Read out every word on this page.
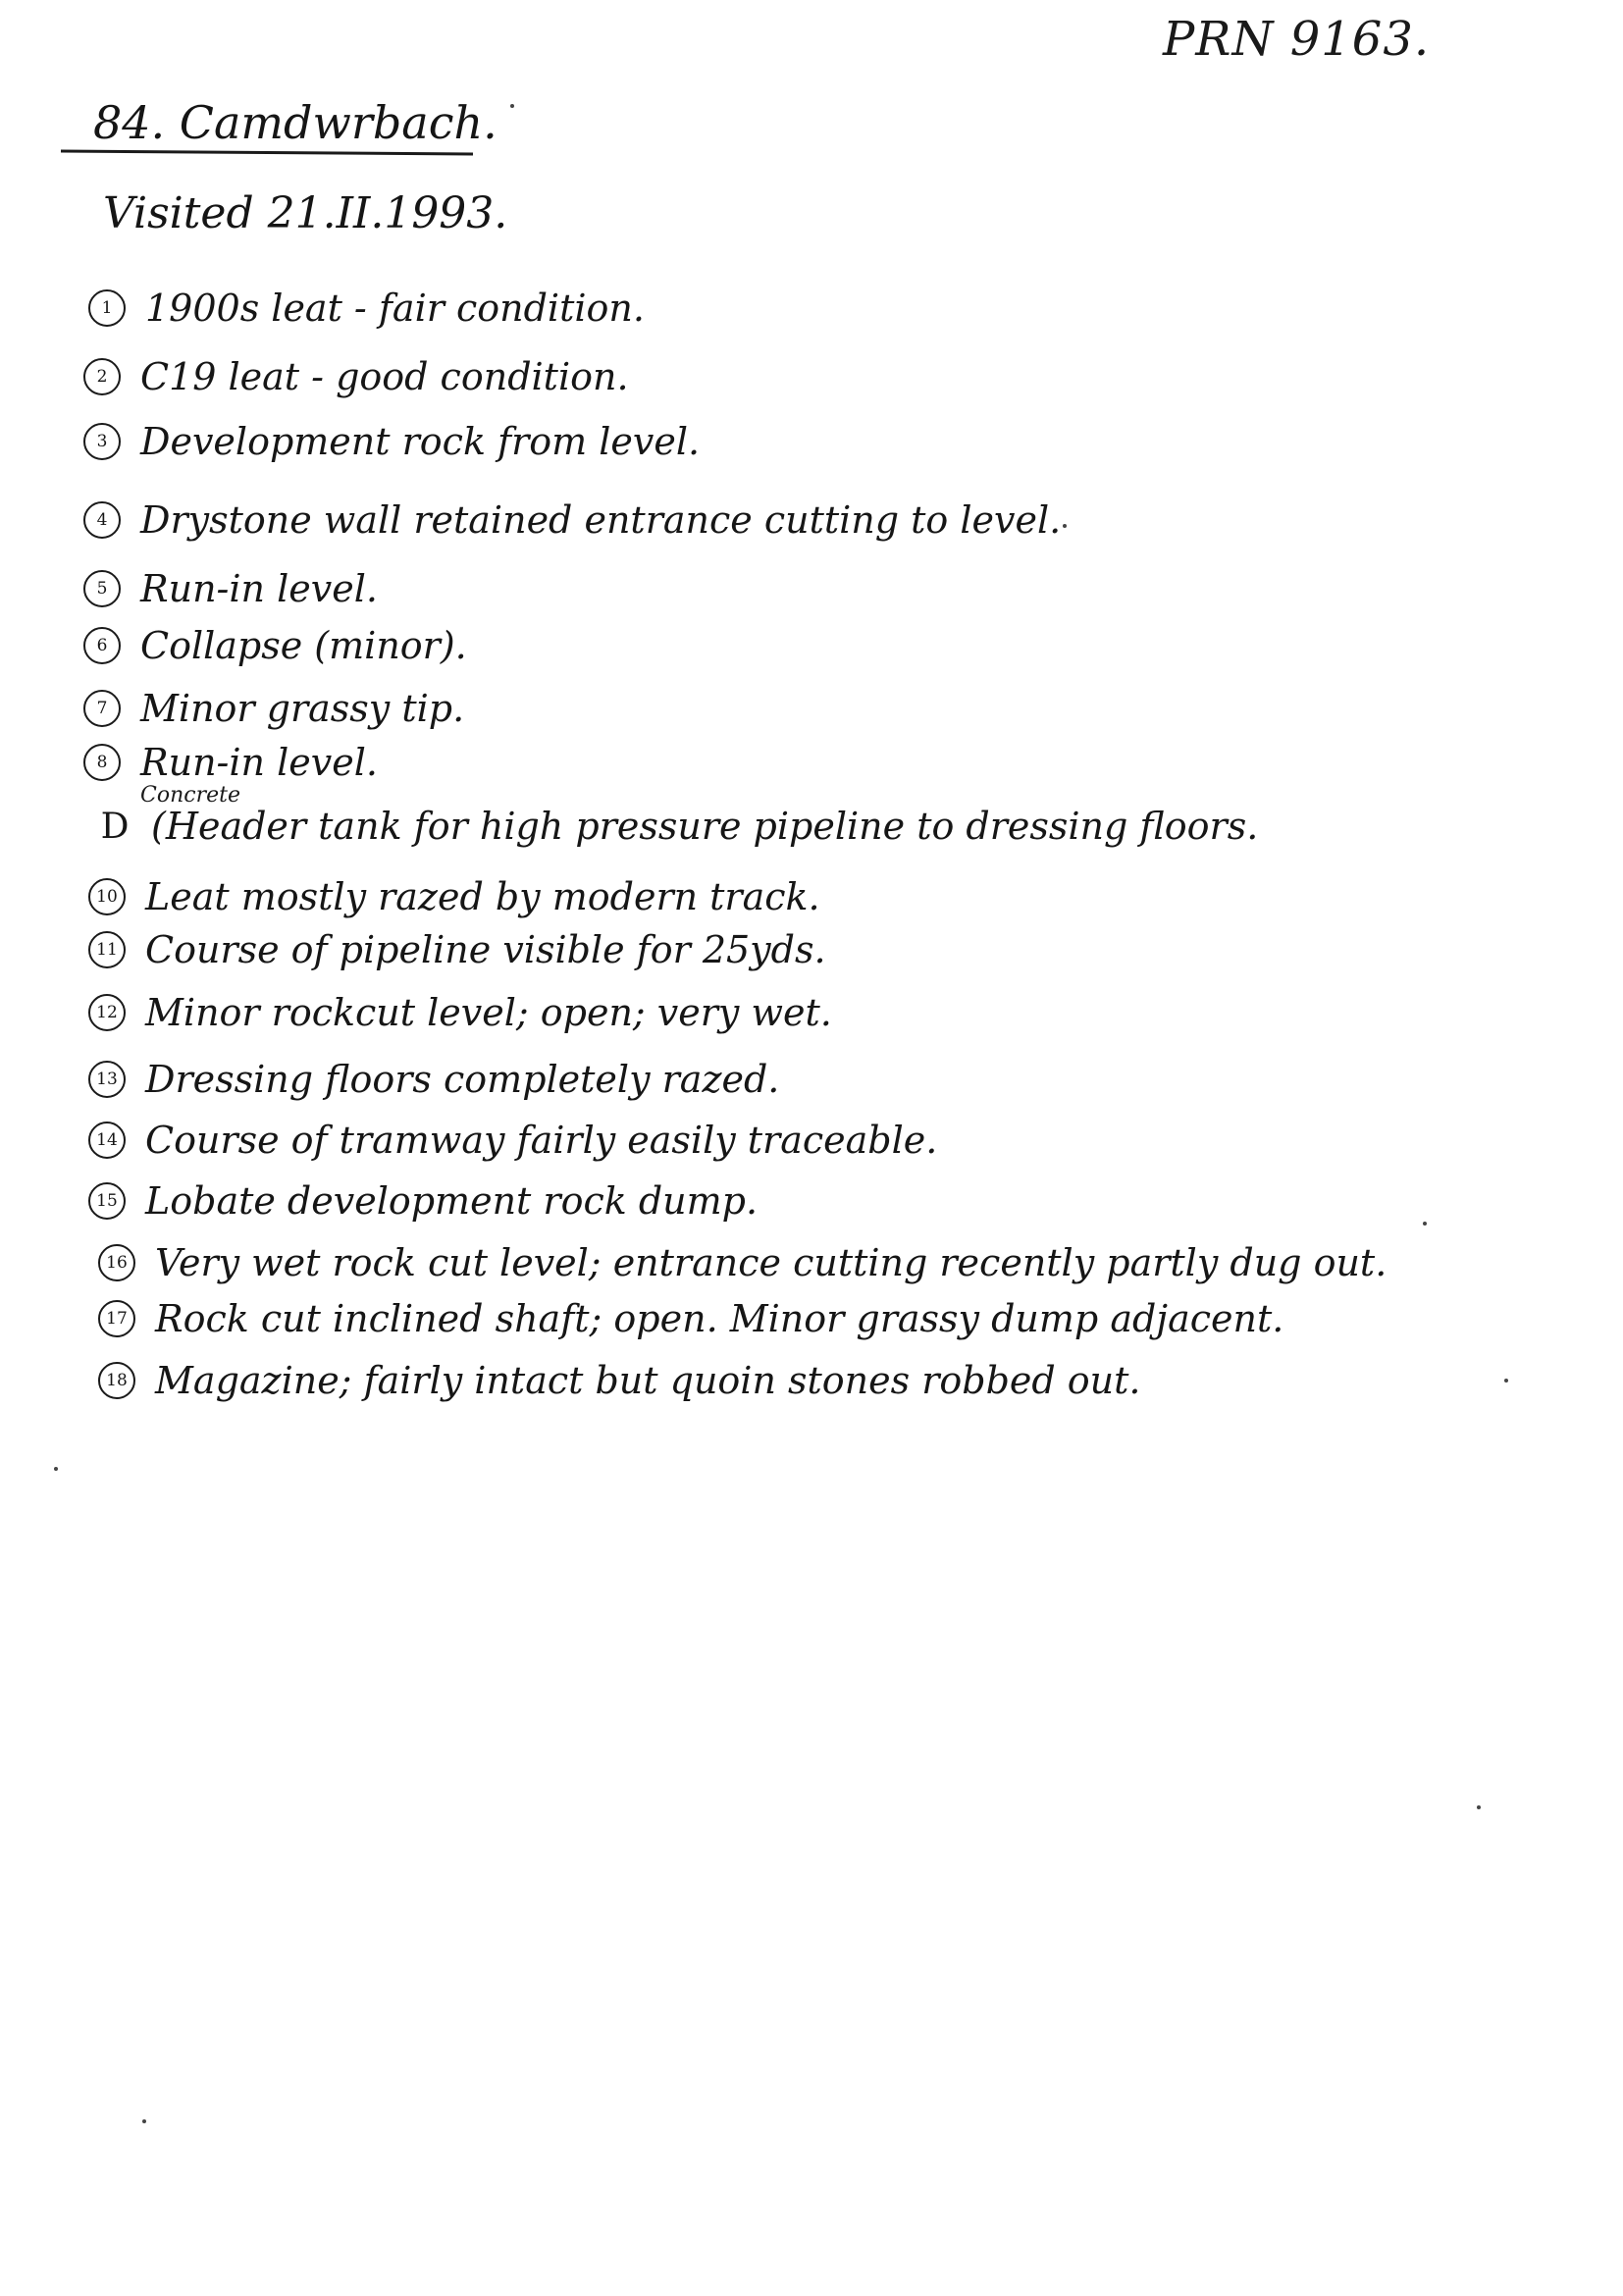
PRN 9163.
84. Camdwrbach.
Visited 21.II.1993.
1 1900s leat - fair condition.
2 C19 leat - good condition.
3 Development rock from level.
4 Drystone wall retained entrance cutting to level.
5 Run-in level.
6 Collapse (minor).
7 Minor grassy tip.
8 Run-in level.
Concrete
D (Header tank for high pressure pipeline to dressing floors.
10 Leat mostly razed by modern track.
11 Course of pipeline visible for 25yds.
12 Minor rockcut level; open; very wet.
13 Dressing floors completely razed.
14 Course of tramway fairly easily traceable.
15 Lobate development rock dump.
16 Very wet rock cut level; entrance cutting recently partly dug out.
17 Rock cut inclined shaft; open. Minor grassy dump adjacent.
18 Magazine; fairly intact but quoin stones robbed out.
